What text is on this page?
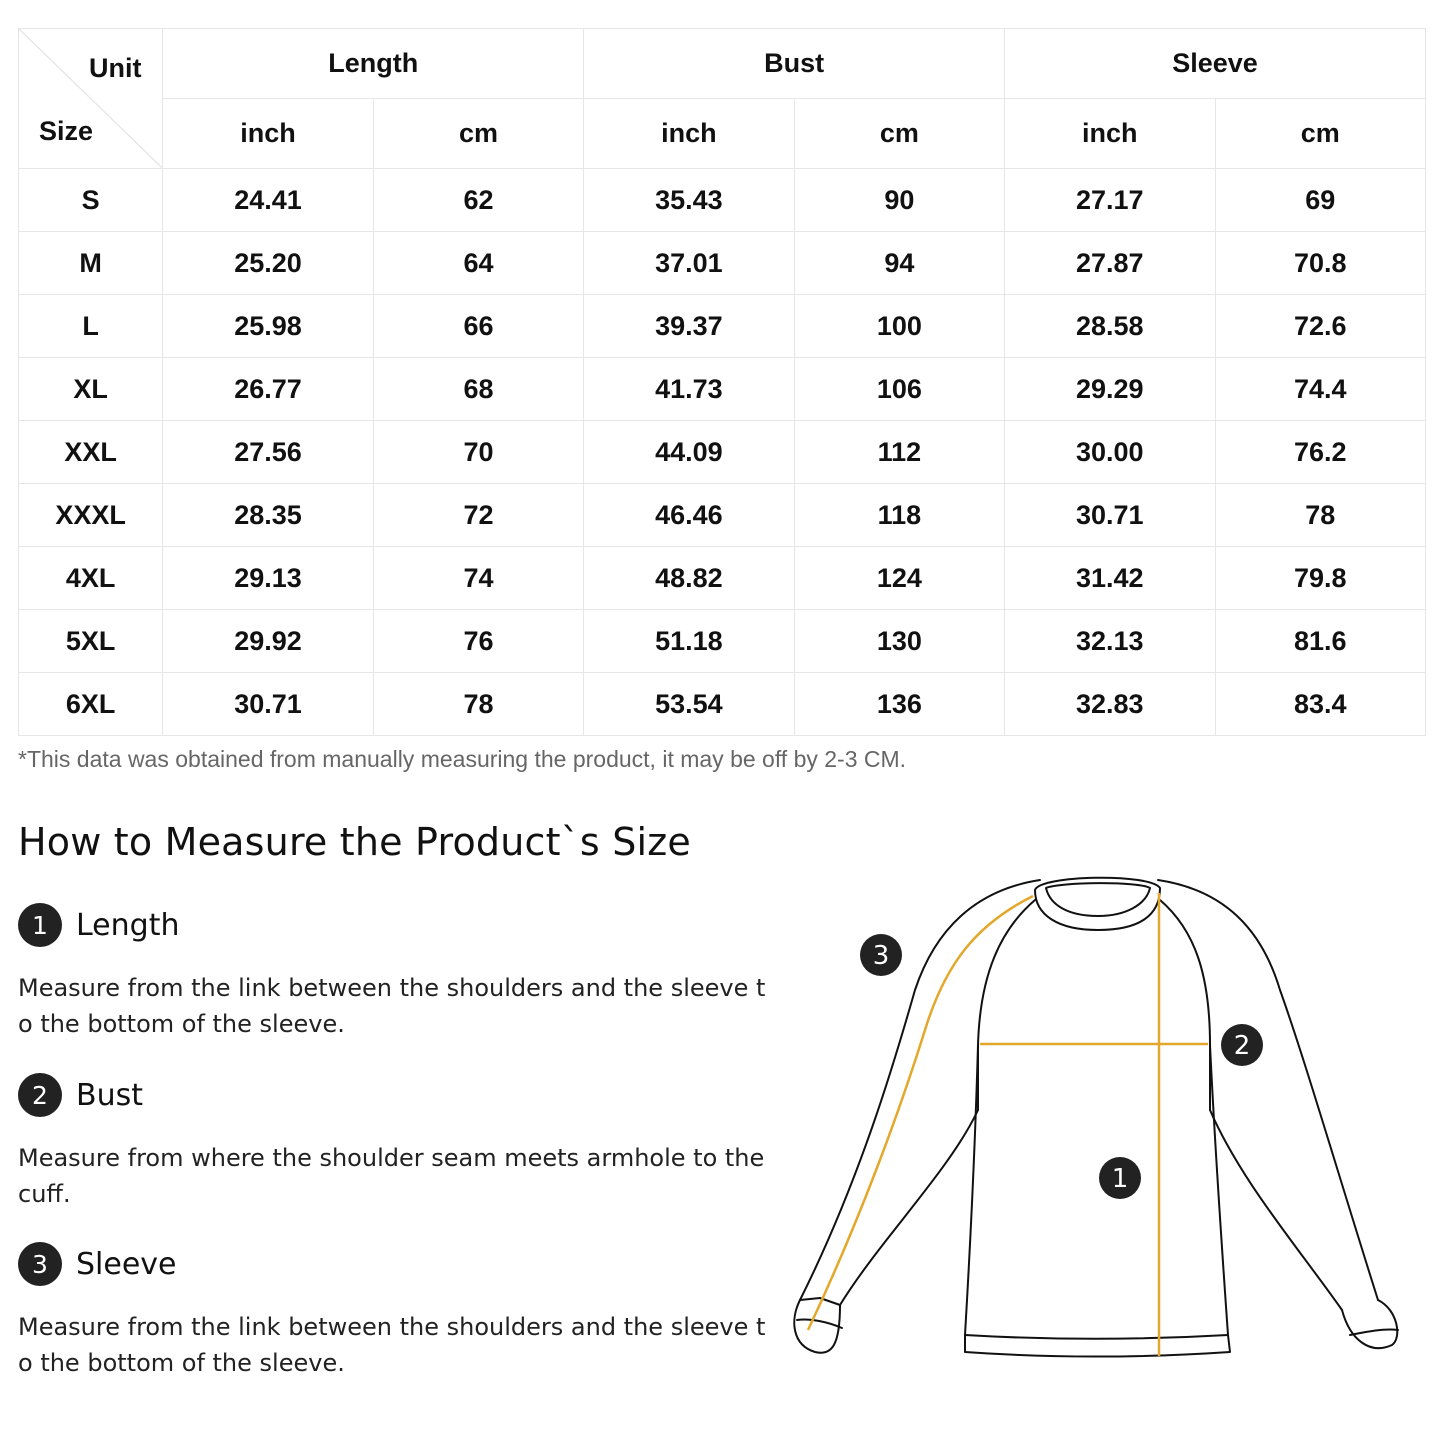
Unit
Size	Length		Bust		Sleeve	
	inch	cm	inch	cm	inch	cm
S	24.41	62	35.43	90	27.17	69
M	25.20	64	37.01	94	27.87	70.8
L	25.98	66	39.37	100	28.58	72.6
XL	26.77	68	41.73	106	29.29	74.4
XXL	27.56	70	44.09	112	30.00	76.2
XXXL	28.35	72	46.46	118	30.71	78
4XL	29.13	74	48.82	124	31.42	79.8
5XL	29.92	76	51.18	130	32.13	81.6
6XL	30.71	78	53.54	136	32.83	83.4
*This data was obtained from manually measuring the product, it may be off by 2-3 CM.
How to Measure the Product`s Size
1 Length
Measure from the link between the shoulders and the sleeve to the bottom of the sleeve.
2 Bust
Measure from where the shoulder seam meets armhole to the cuff.
3 Sleeve
Measure from the link between the shoulders and the sleeve to the bottom of the sleeve.
3
2
1
